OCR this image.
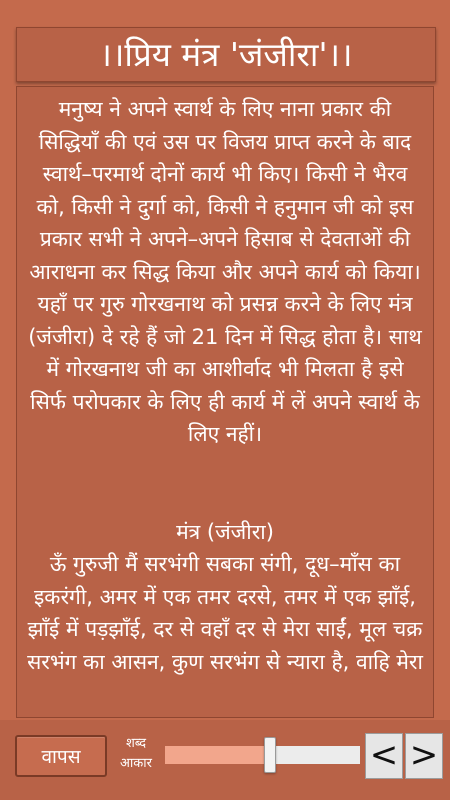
।।प्रिय मंत्र 'जंजीरा'।।

मनुष्य ने अपने स्वार्थ के लिए नाना प्रकार की सिद्धियाँ की एवं उस पर विजय प्राप्त करने के बाद स्वार्थ–परमार्थ दोनों कार्य भी किए। किसी ने भैरव को, किसी ने दुर्गा को, किसी ने हनुमान जी को इस प्रकार सभी ने अपने–अपने हिसाब से देवताओं की आराधना कर सिद्ध किया और अपने कार्य को किया। यहाँ पर गुरु गोरखनाथ को प्रसन्न करने के लिए मंत्र (जंजीरा) दे रहे हैं जो 21 दिन में सिद्ध होता है। साथ में गोरखनाथ जी का आशीर्वाद भी मिलता है इसे सिर्फ परोपकार के लिए ही कार्य में लें अपने स्वार्थ के लिए नहीं।

मंत्र (जंजीरा)
ऊँ गुरुजी मैं सरभंगी सबका संगी, दूध–माँस का इकरंगी, अमर में एक तमर दरसे, तमर में एक झाँई, झाँई में पड़झाँई, दर से वहाँ दर से मेरा साईं, मूल चक्र सरभंग का आसन, कुण सरभंग से न्यारा है, वाहि मेरा

वापस
शब्द आकार	< >
